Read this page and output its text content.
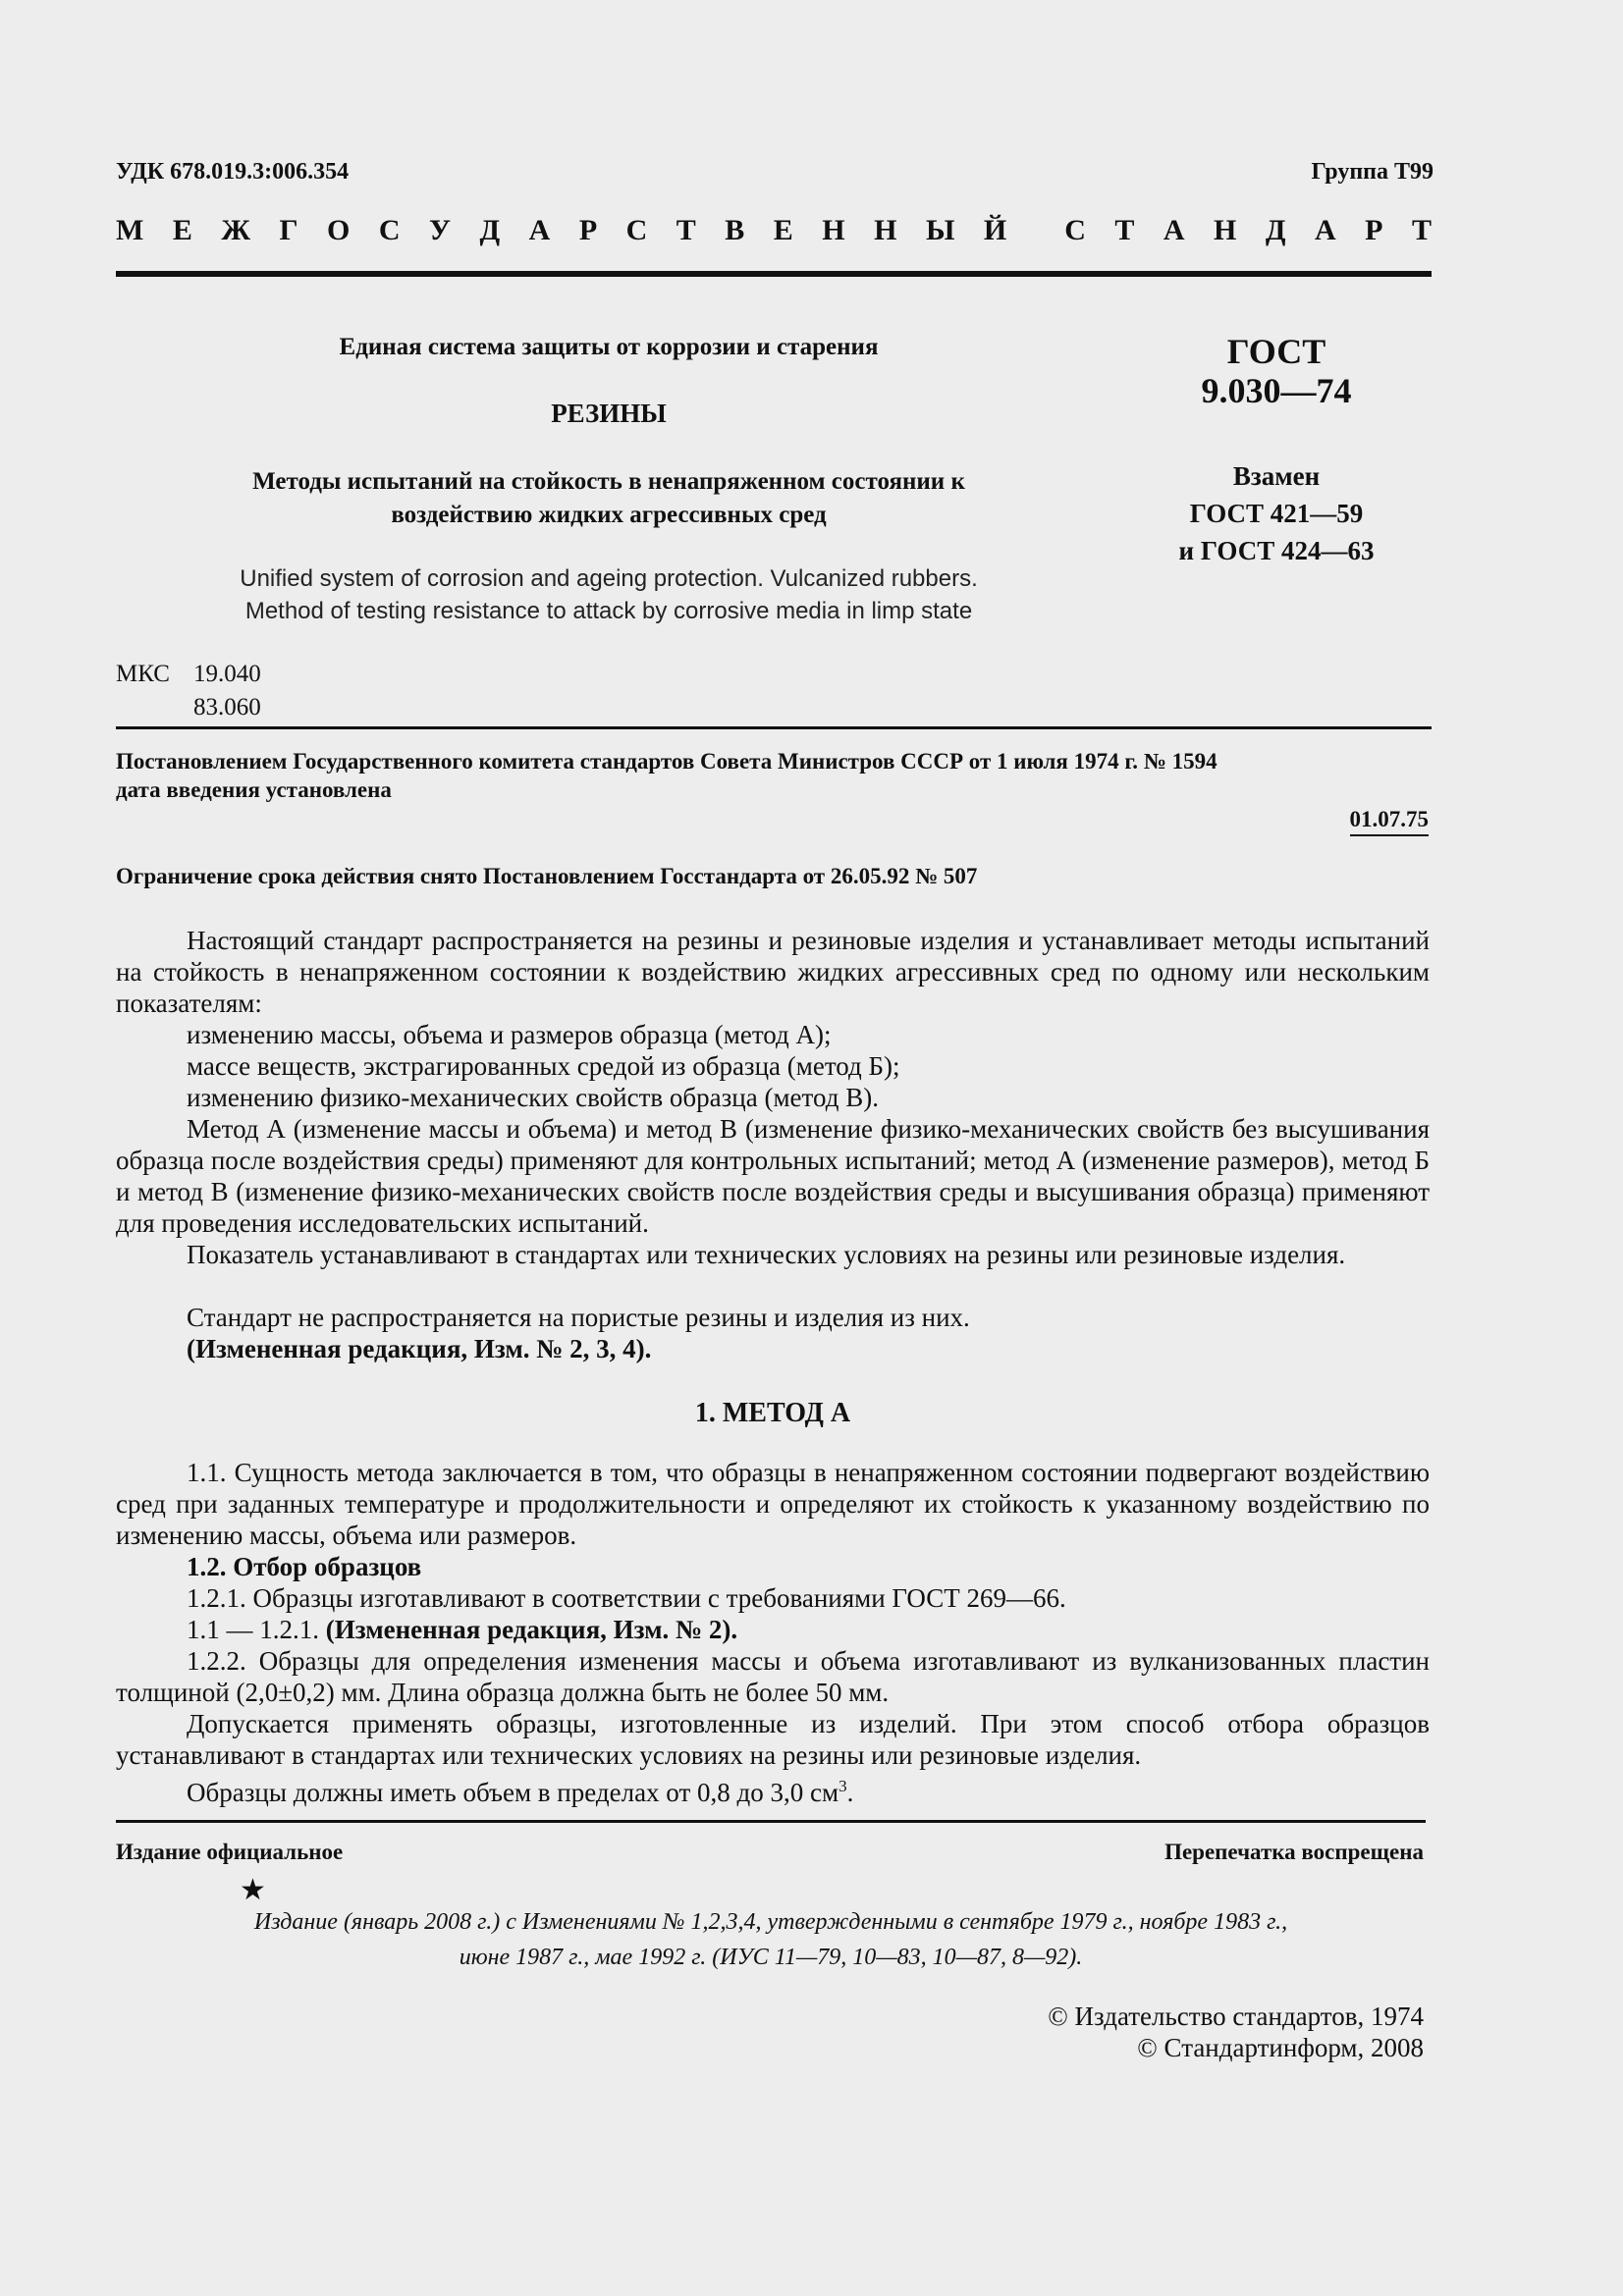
УДК 678.019.3:006.354	Группа Т99
М Е Ж Г О С У Д А Р С Т В Е Н Н Ы Й С Т А Н Д А Р Т
Единая система защиты от коррозии и старения
РЕЗИНЫ
Методы испытаний на стойкость в ненапряженном состоянии к
воздействию жидких агрессивных сред
Unified system of corrosion and ageing protection. Vulcanized rubbers.
Method of testing resistance to attack by corrosive media in limp state
ГОСТ
9.030—74
Взамен
ГОСТ 421—59
и ГОСТ 424—63
МКС 19.040
83.060
Постановлением Государственного комитета стандартов Совета Министров СССР от 1 июля 1974 г. № 1594
дата введения установлена
01.07.75
Ограничение срока действия снято Постановлением Госстандарта от 26.05.92 № 507
Настоящий стандарт распространяется на резины и резиновые изделия и устанавливает методы испытаний на стойкость в ненапряженном состоянии к воздействию жидких агрессивных сред по одному или нескольким показателям:
изменению массы, объема и размеров образца (метод А);
массе веществ, экстрагированных средой из образца (метод Б);
изменению физико-механических свойств образца (метод В).
Метод А (изменение массы и объема) и метод В (изменение физико-механических свойств без высушивания образца после воздействия среды) применяют для контрольных испытаний; метод А (изменение размеров), метод Б и метод В (изменение физико-механических свойств после воздействия среды и высушивания образца) применяют для проведения исследовательских испытаний.
Показатель устанавливают в стандартах или технических условиях на резины или резиновые изделия.
Стандарт не распространяется на пористые резины и изделия из них.
(Измененная редакция, Изм. № 2, 3, 4).
1. МЕТОД А
1.1. Сущность метода заключается в том, что образцы в ненапряженном состоянии подвергают воздействию сред при заданных температуре и продолжительности и определяют их стойкость к указанному воздействию по изменению массы, объема или размеров.
1.2. Отбор образцов
1.2.1. Образцы изготавливают в соответствии с требованиями ГОСТ 269—66.
1.1 — 1.2.1. (Измененная редакция, Изм. № 2).
1.2.2. Образцы для определения изменения массы и объема изготавливают из вулканизованных пластин толщиной (2,0±0,2) мм. Длина образца должна быть не более 50 мм.
Допускается применять образцы, изготовленные из изделий. При этом способ отбора образцов устанавливают в стандартах или технических условиях на резины или резиновые изделия.
Образцы должны иметь объем в пределах от 0,8 до 3,0 $см^3$.
Издание официальное	Перепечатка воспрещена
★
Издание (январь 2008 г.) с Изменениями № 1,2,3,4, утвержденными в сентябре 1979 г., ноябре 1983 г.,
июне 1987 г., мае 1992 г. (ИУС 11—79, 10—83, 10—87, 8—92).
© Издательство стандартов, 1974
© Стандартинформ, 2008
